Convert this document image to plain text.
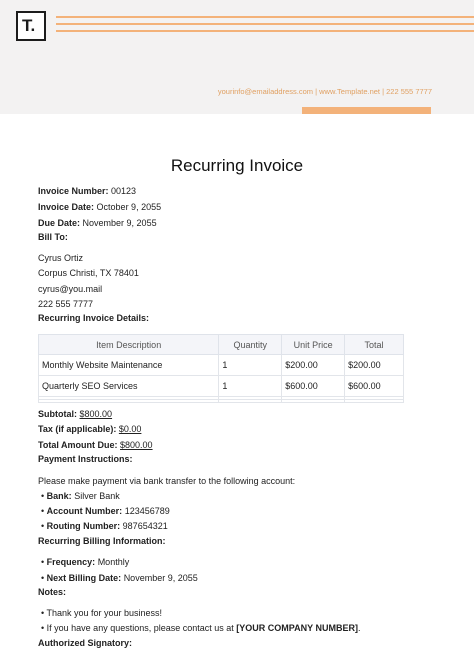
T.
yourinfo@emailaddress.com | www.Template.net | 222 555 7777
Recurring Invoice
Invoice Number: 00123
Invoice Date: October 9, 2055
Due Date: November 9, 2055
Bill To:
Cyrus Ortiz
Corpus Christi, TX 78401
cyrus@you.mail
222 555 7777
Recurring Invoice Details:
Item Description	Quantity	Unit Price	Total
Monthly Website Maintenance	1	$200.00	$200.00
Quarterly SEO Services	1	$600.00	$600.00

Subtotal: $800.00
Tax (if applicable): $0.00
Total Amount Due: $800.00
Payment Instructions:
Please make payment via bank transfer to the following account:
• Bank: Silver Bank
• Account Number: 123456789
• Routing Number: 987654321
Recurring Billing Information:
• Frequency: Monthly
• Next Billing Date: November 9, 2055
Notes:
• Thank you for your business!
• If you have any questions, please contact us at [YOUR COMPANY NUMBER].
Authorized Signatory:
